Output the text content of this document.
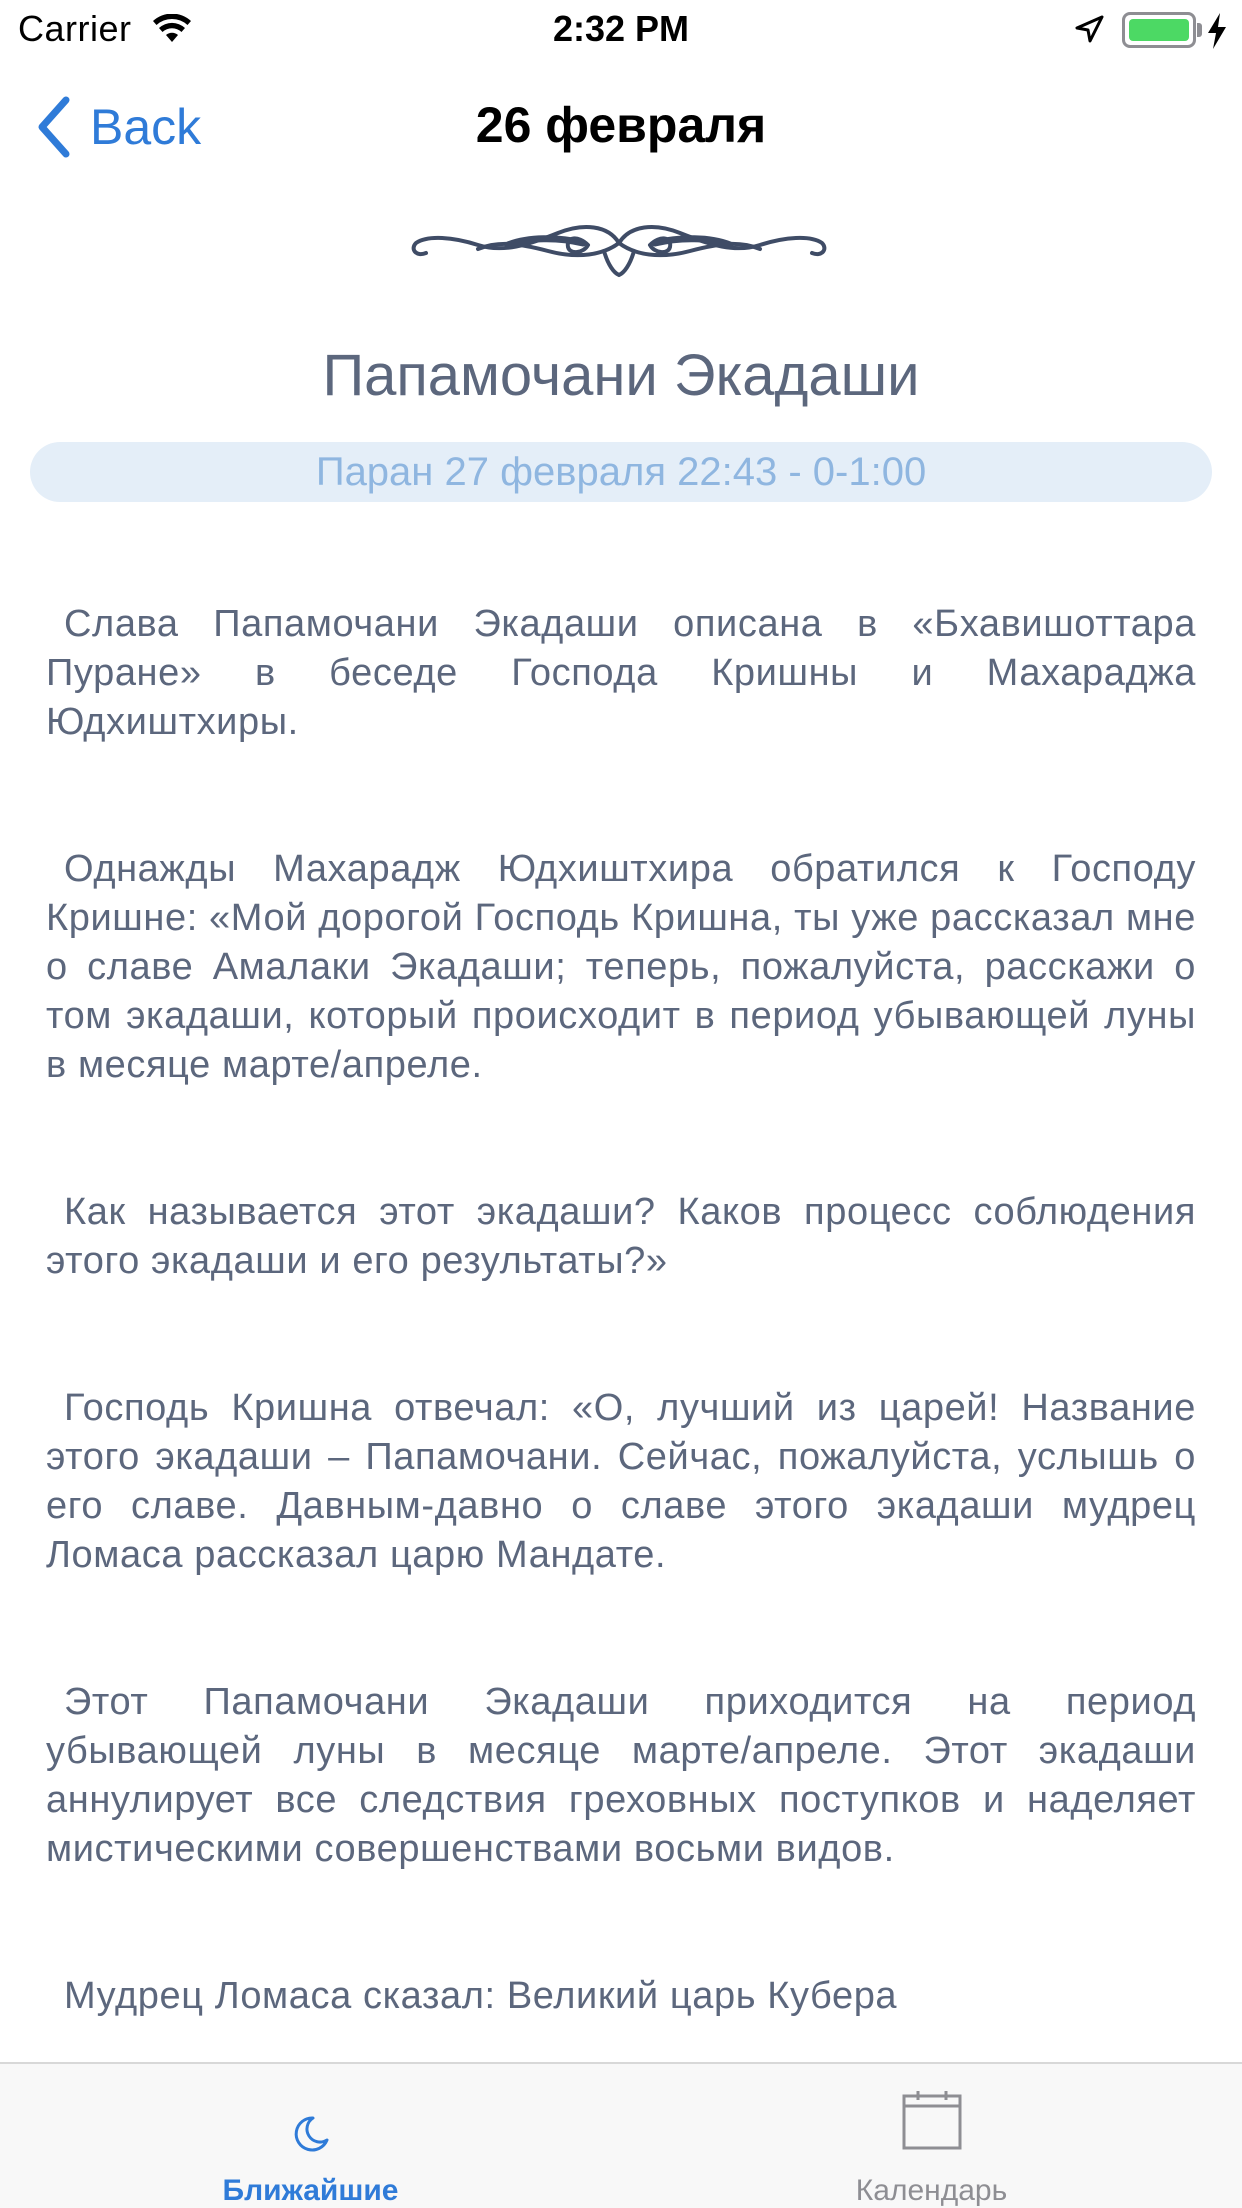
Carrier	2:32 PM
Back	26 февраля
Папамочани Экадаши
Паран 27 февраля 22:43 - 0-1:00

Слава Папамочани Экадаши описана в «Бхавишоттара Пуране» в беседе Господа Кришны и Махараджа Юдхиштхиры.

Однажды Махарадж Юдхиштхира обратился к Господу Кришне: «Мой дорогой Господь Кришна, ты уже рассказал мне о славе Амалаки Экадаши; теперь, пожалуйста, расскажи о том экадаши, который происходит в период убывающей луны в месяце марте/апреле.

Как называется этот экадаши? Каков процесс соблюдения этого экадаши и его результаты?»

Господь Кришна отвечал: «О, лучший из царей! Название этого экадаши – Папамочани. Сейчас, пожалуйста, услышь о его славе. Давным-давно о славе этого экадаши мудрец Ломаса рассказал царю Мандате.

Этот Папамочани Экадаши приходится на период убывающей луны в месяце марте/апреле. Этот экадаши аннулирует все следствия греховных поступков и наделяет мистическими совершенствами восьми видов.

Мудрец Ломаса сказал: Великий царь Кубера

Ближайшие	Календарь
